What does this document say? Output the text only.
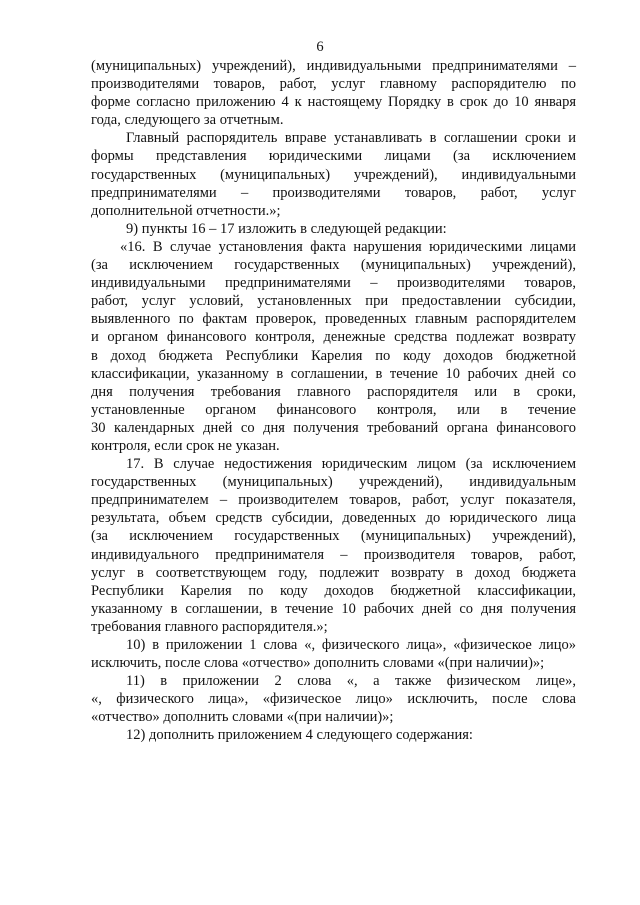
6
(муниципальных) учреждений), индивидуальными предпринимателями –
производителями товаров, работ, услуг главному распорядителю по
форме согласно приложению 4 к настоящему Порядку в срок до 10 января
года, следующего за отчетным.
Главный распорядитель вправе устанавливать в соглашении сроки и
формы представления юридическими лицами (за исключением
государственных (муниципальных) учреждений), индивидуальными
предпринимателями – производителями товаров, работ, услуг
дополнительной отчетности.»;
9) пункты 16 – 17 изложить в следующей редакции:
«16. В случае установления факта нарушения юридическими лицами
(за исключением государственных (муниципальных) учреждений),
индивидуальными предпринимателями – производителями товаров,
работ, услуг условий, установленных при предоставлении субсидии,
выявленного по фактам проверок, проведенных главным распорядителем
и органом финансового контроля, денежные средства подлежат возврату
в доход бюджета Республики Карелия по коду доходов бюджетной
классификации, указанному в соглашении, в течение 10 рабочих дней со
дня получения требования главного распорядителя или в сроки,
установленные органом финансового контроля, или в течение
30 календарных дней со дня получения требований органа финансового
контроля, если срок не указан.
17. В случае недостижения юридическим лицом (за исключением
государственных (муниципальных) учреждений), индивидуальным
предпринимателем – производителем товаров, работ, услуг показателя,
результата, объем средств субсидии, доведенных до юридического лица
(за исключением государственных (муниципальных) учреждений),
индивидуального предпринимателя – производителя товаров, работ,
услуг в соответствующем году, подлежит возврату в доход бюджета
Республики Карелия по коду доходов бюджетной классификации,
указанному в соглашении, в течение 10 рабочих дней со дня получения
требования главного распорядителя.»;
10) в приложении 1 слова «, физического лица», «физическое лицо»
исключить, после слова «отчество» дополнить словами «(при наличии)»;
11) в приложении 2 слова «, а также физическом лице»,
«, физического лица», «физическое лицо» исключить, после слова
«отчество» дополнить словами «(при наличии)»;
12) дополнить приложением 4 следующего содержания:
